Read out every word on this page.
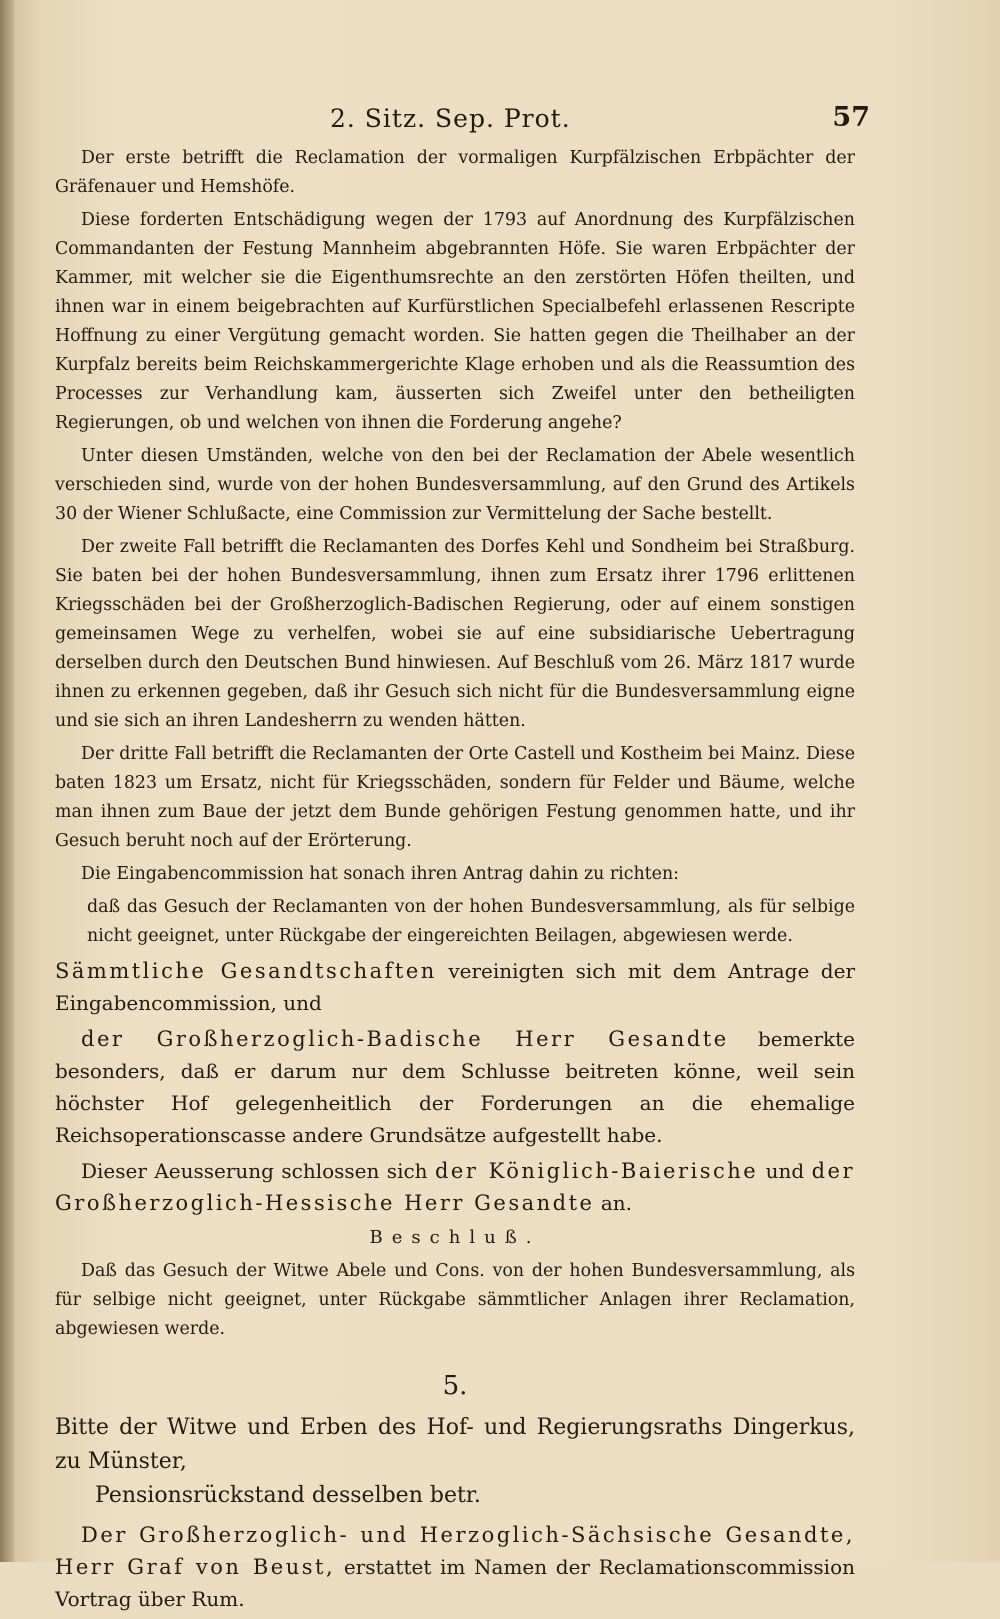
2. Sitz. Sep. Prot.	57

Der erste betrifft die Reclamation der vormaligen Kurpfälzischen Erbpächter der Gräfenauer und Hemshöfe.

Diese forderten Entschädigung wegen der 1793 auf Anordnung des Kurpfälzischen Commandanten der Festung Mannheim abgebrannten Höfe. Sie waren Erbpächter der Kammer, mit welcher sie die Eigenthumsrechte an den zerstörten Höfen theilten, und ihnen war in einem beigebrachten auf Kurfürstlichen Specialbefehl erlassenen Rescripte Hoffnung zu einer Vergütung gemacht worden. Sie hatten gegen die Theilhaber an der Kurpfalz bereits beim Reichskammergerichte Klage erhoben und als die Reassumtion des Processes zur Verhandlung kam, äusserten sich Zweifel unter den betheiligten Regierungen, ob und welchen von ihnen die Forderung angehe?

Unter diesen Umständen, welche von den bei der Reclamation der Abele wesentlich verschieden sind, wurde von der hohen Bundesversammlung, auf den Grund des Artikels 30 der Wiener Schlußacte, eine Commission zur Vermittelung der Sache bestellt.

Der zweite Fall betrifft die Reclamanten des Dorfes Kehl und Sondheim bei Straßburg. Sie baten bei der hohen Bundesversammlung, ihnen zum Ersatz ihrer 1796 erlittenen Kriegsschäden bei der Großherzoglich-Badischen Regierung, oder auf einem sonstigen gemeinsamen Wege zu verhelfen, wobei sie auf eine subsidiarische Uebertragung derselben durch den Deutschen Bund hinwiesen. Auf Beschluß vom 26. März 1817 wurde ihnen zu erkennen gegeben, daß ihr Gesuch sich nicht für die Bundesversammlung eigne und sie sich an ihren Landesherrn zu wenden hätten.

Der dritte Fall betrifft die Reclamanten der Orte Castell und Kostheim bei Mainz. Diese baten 1823 um Ersatz, nicht für Kriegsschäden, sondern für Felder und Bäume, welche man ihnen zum Baue der jetzt dem Bunde gehörigen Festung genommen hatte, und ihr Gesuch beruht noch auf der Erörterung.

Die Eingabencommission hat sonach ihren Antrag dahin zu richten:

daß das Gesuch der Reclamanten von der hohen Bundesversammlung, als für selbige nicht geeignet, unter Rückgabe der eingereichten Beilagen, abgewiesen werde.

Sämmtliche Gesandtschaften vereinigten sich mit dem Antrage der Eingabencommission, und

der Großherzoglich-Badische Herr Gesandte bemerkte besonders, daß er darum nur dem Schlusse beitreten könne, weil sein höchster Hof gelegenheitlich der Forderungen an die ehemalige Reichsoperationscasse andere Grundsätze aufgestellt habe.

Dieser Aeusserung schlossen sich der Königlich-Baierische und der Großherzoglich-Hessische Herr Gesandte an.

Beschluß.

Daß das Gesuch der Witwe Abele und Cons. von der hohen Bundesversammlung, als für selbige nicht geeignet, unter Rückgabe sämmtlicher Anlagen ihrer Reclamation, abgewiesen werde.

5.

Bitte der Witwe und Erben des Hof- und Regierungsraths Dingerkus, zu Münster,
Pensionsrückstand desselben betr.

Der Großherzoglich- und Herzoglich-Sächsische Gesandte, Herr Graf von Beust, erstattet im Namen der Reclamationscommission Vortrag über Rum.
